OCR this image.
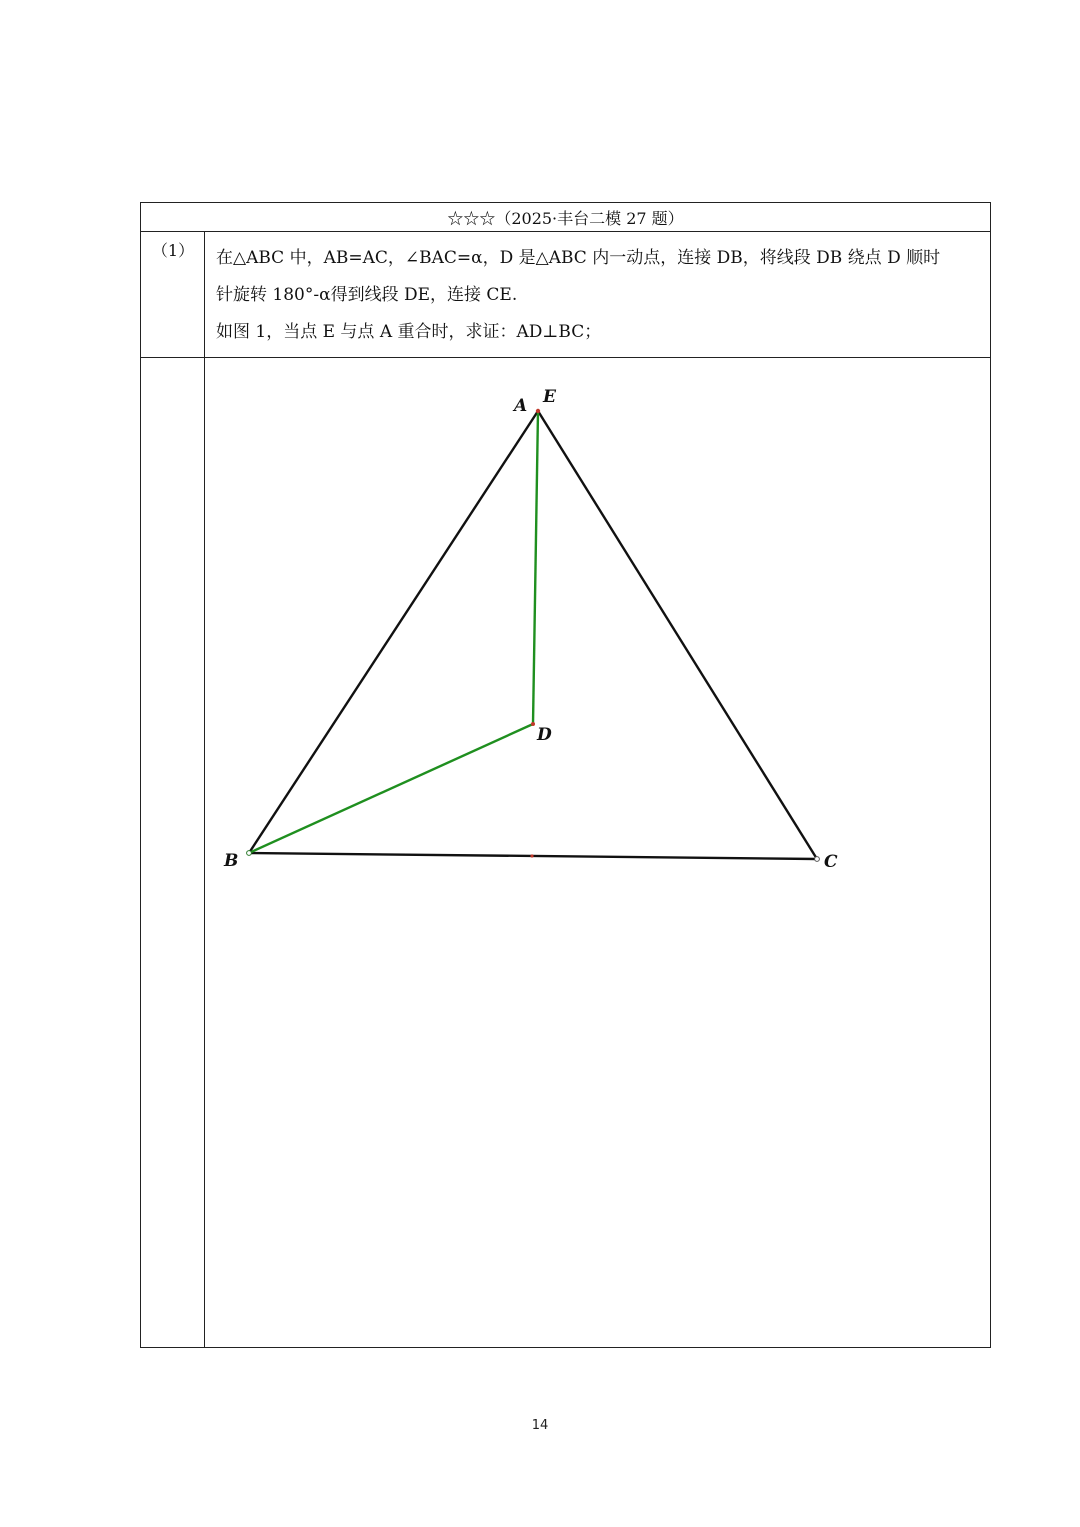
☆☆☆（2025·丰台二模 27 题）
（1）	在△ABC 中，AB=AC，∠BAC=α，D 是△ABC 内一动点，连接 DB，将线段 DB 绕点 D 顺时

针旋转 180°-α得到线段 DE，连接 CE.

如图 1，当点 E 与点 A 重合时，求证：AD⊥BC；

A E
D
B	C
14
